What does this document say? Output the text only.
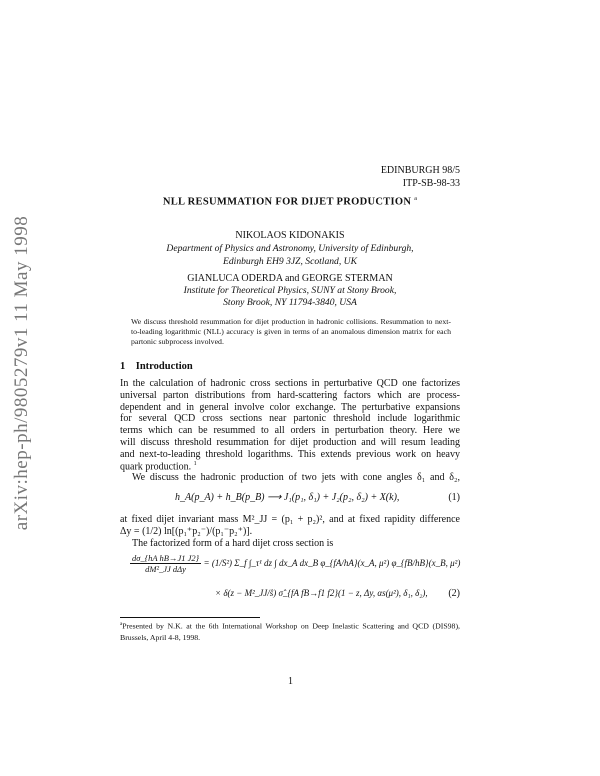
arXiv:hep-ph/9805279v1 11 May 1998
EDINBURGH 98/5
ITP-SB-98-33
NLL RESUMMATION FOR DIJET PRODUCTION $^a$
NIKOLAOS KIDONAKIS
Department of Physics and Astronomy, University of Edinburgh,
Edinburgh EH9 3JZ, Scotland, UK
GIANLUCA ODERDA and GEORGE STERMAN
Institute for Theoretical Physics, SUNY at Stony Brook,
Stony Brook, NY 11794-3840, USA
We discuss threshold resummation for dijet production in hadronic collisions. Resummation to next-to-leading logarithmic (NLL) accuracy is given in terms of an anomalous dimension matrix for each partonic subprocess involved.
1 Introduction
In the calculation of hadronic cross sections in perturbative QCD one factorizes
universal parton distributions from hard-scattering factors which are process-
dependent and in general involve color exchange. The perturbative expansions
for several QCD cross sections near partonic threshold include logarithmic
terms which can be resummed to all orders in perturbation theory. Here we
will discuss threshold resummation for dijet production and will resum leading
and next-to-leading threshold logarithms. This extends previous work on heavy
quark production. $^1$
We discuss the hadronic production of two jets with cone angles δ₁ and δ₂,
h_A(p_A) + h_B(p_B) ⟶ J₁(p₁, δ₁) + J₂(p₂, δ₂) + X(k),	(1)
at fixed dijet invariant mass M²_JJ = (p₁ + p₂)², and at fixed rapidity difference
Δy = (1/2) ln[(p₁⁺p₂⁻)/(p₁⁻p₂⁺)].
The factorized form of a hard dijet cross section is
$\frac{\text{dσ\_\{hA hB→J1 J2\}}}{\text{dM²\_JJ dΔy}} = (1/S^2)$ Σ_f ∫_τ¹ dz ∫ dx_A dx_B φ_{fA/hA}(x_A, μ²) φ_{fB/hB}(x_B, μ²)
× δ(z − M²_JJ/ŝ) σ̂_{fA fB→f1 f2}(1 − z, Δy, αs(μ²), δ₁, δ₂), (2)
$^a$Presented by N.K. at the 6th International Workshop on Deep Inelastic Scattering and QCD (DIS98), Brussels, April 4-8, 1998.
1
